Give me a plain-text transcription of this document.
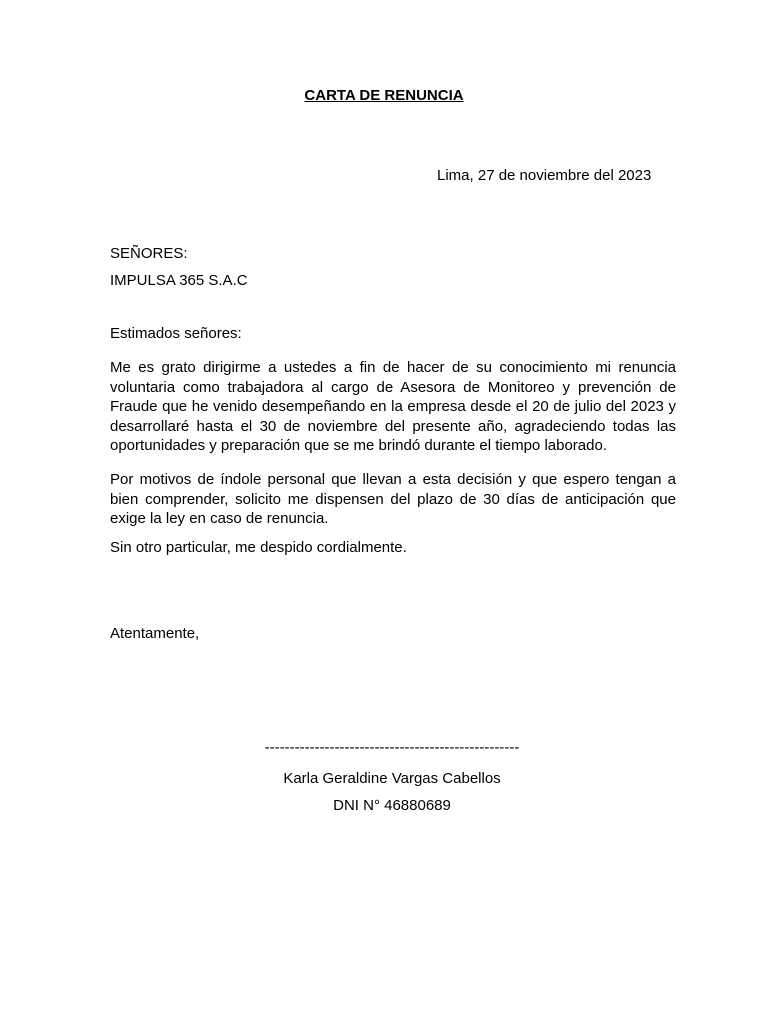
CARTA DE RENUNCIA
Lima, 27 de noviembre del 2023
SEÑORES:
IMPULSA 365 S.A.C
Estimados señores:
Me es grato dirigirme a ustedes a fin de hacer de su conocimiento mi renuncia voluntaria como trabajadora al cargo de Asesora de Monitoreo y prevención de Fraude que he venido desempeñando en la empresa desde el 20 de julio del 2023 y desarrollaré hasta el 30 de noviembre del presente año, agradeciendo todas las oportunidades y preparación que se me brindó durante el tiempo laborado.
Por motivos de índole personal que llevan a esta decisión y que espero tengan a bien comprender, solicito me dispensen del plazo de 30 días de anticipación que exige la ley en caso de renuncia.
Sin otro particular, me despido cordialmente.
Atentamente,
---------------------------------------------------
Karla Geraldine Vargas Cabellos
DNI N° 46880689
